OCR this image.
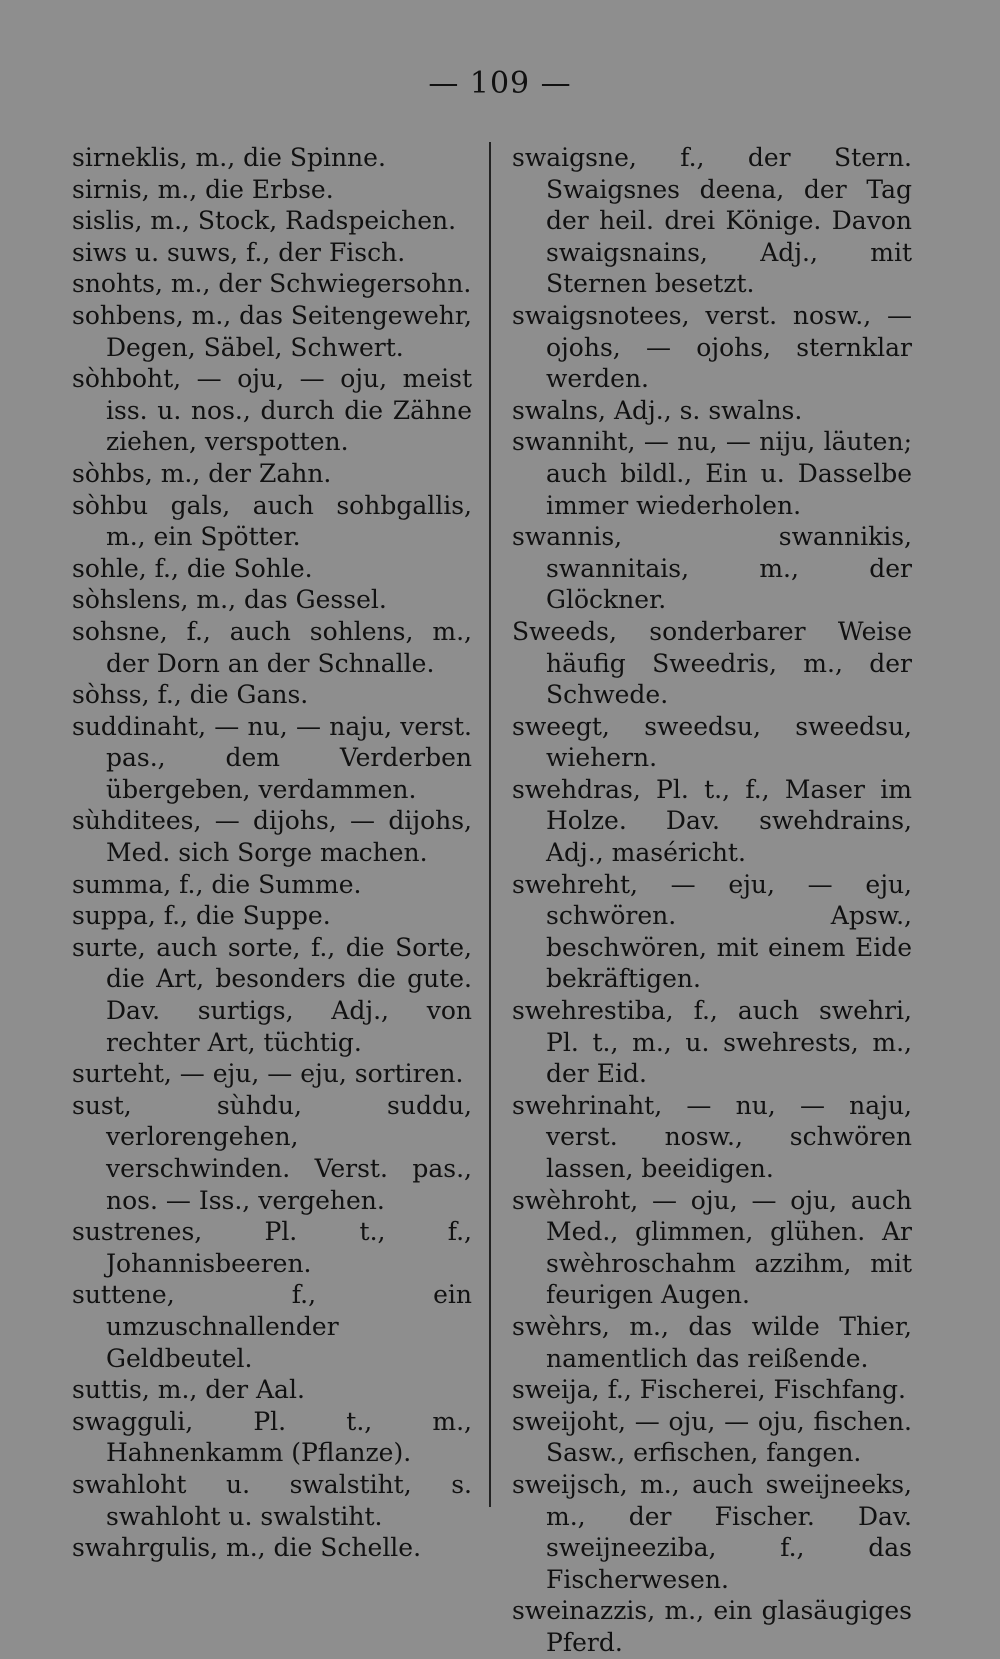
— 109 —

sirneklis, m., die Spinne.

sirnis, m., die Erbse.

sislis, m., Stock, Radspeichen.

siws u. suws, f., der Fisch.

snohts, m., der Schwiegersohn.

sohbens, m., das Seitengewehr, Degen, Säbel, Schwert.

sòhboht, — oju, — oju, meist iss. u. nos., durch die Zähne ziehen, verspotten.

sòhbs, m., der Zahn.

sòhbu gals, auch sohbgallis, m., ein Spötter.

sohle, f., die Sohle.

sòhslens, m., das Gessel.

sohsne, f., auch sohlens, m., der Dorn an der Schnalle.

sòhss, f., die Gans.

suddinaht, — nu, — naju, verst. pas., dem Verderben übergeben, verdammen.

sùhditees, — dijohs, — dijohs, Med. sich Sorge machen.

summa, f., die Summe.

suppa, f., die Suppe.

surte, auch sorte, f., die Sorte, die Art, besonders die gute. Dav. surtigs, Adj., von rechter Art, tüchtig.

surteht, — eju, — eju, sortiren.

sust, sùhdu, suddu, verlorengehen, verschwinden. Verst. pas., nos. — Iss., vergehen.

sustrenes, Pl. t., f., Johannisbeeren.

suttene, f., ein umzuschnallender Geldbeutel.

suttis, m., der Aal.

swagguli, Pl. t., m., Hahnenkamm (Pflanze).

swahloht u. swalstiht, s. swahloht u. swalstiht.

swahrgulis, m., die Schelle.

swaigsne, f., der Stern. Swaigsnes deena, der Tag der heil. drei Könige. Davon swaigsnains, Adj., mit Sternen besetzt.

swaigsnotees, verst. nosw., — ojohs, — ojohs, sternklar werden.

swalns, Adj., s. swalns.

swanniht, — nu, — niju, läuten; auch bildl., Ein u. Dasselbe immer wiederholen.

swannis, swannikis, swannitais, m., der Glöckner.

Sweeds, sonderbarer Weise häufig Sweedris, m., der Schwede.

sweegt, sweedsu, sweedsu, wiehern.

swehdras, Pl. t., f., Maser im Holze. Dav. swehdrains, Adj., maséricht.

swehreht, — eju, — eju, schwören. Apsw., beschwören, mit einem Eide bekräftigen.

swehrestiba, f., auch swehri, Pl. t., m., u. swehrests, m., der Eid.

swehrinaht, — nu, — naju, verst. nosw., schwören lassen, beeidigen.

swèhroht, — oju, — oju, auch Med., glimmen, glühen. Ar swèhroschahm azzihm, mit feurigen Augen.

swèhrs, m., das wilde Thier, namentlich das reißende.

sweija, f., Fischerei, Fischfang.

sweijoht, — oju, — oju, fischen. Sasw., erfischen, fangen.

sweijsch, m., auch sweijneeks, m., der Fischer. Dav. sweijneeziba, f., das Fischerwesen.

sweinazzis, m., ein glasäugiges Pferd.
